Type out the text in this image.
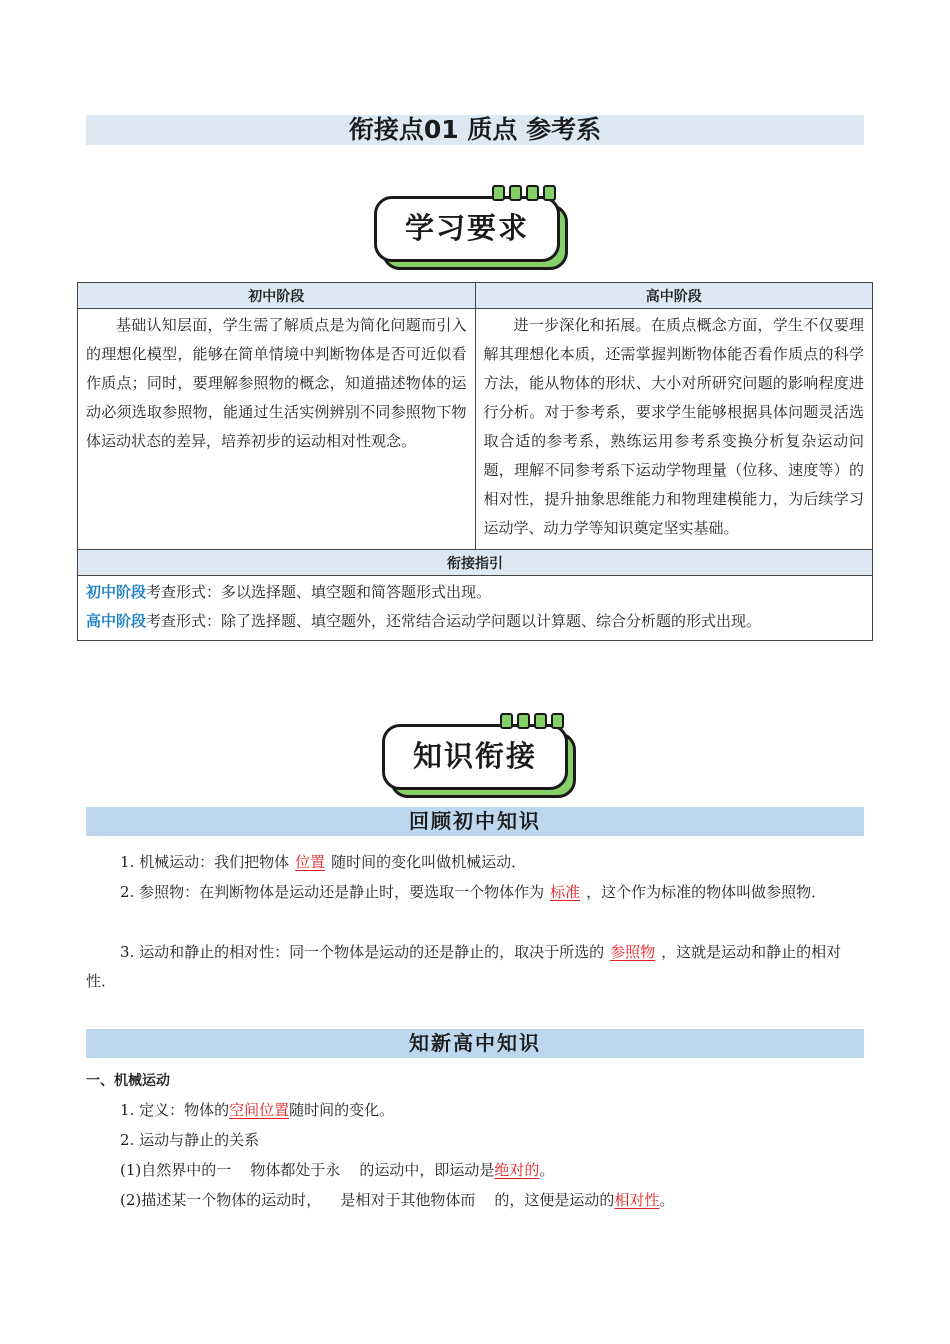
衔接点01 质点 参考系
学习要求
初中阶段	高中阶段
基础认知层面，学生需了解质点是为简化问题而引入的理想化模型，能够在简单情境中判断物体是否可近似看作质点；同时，要理解参照物的概念，知道描述物体的运动必须选取参照物，能通过生活实例辨别不同参照物下物体运动状态的差异，培养初步的运动相对性观念。	进一步深化和拓展。在质点概念方面，学生不仅要理解其理想化本质，还需掌握判断物体能否看作质点的科学方法，能从物体的形状、大小对所研究问题的影响程度进行分析。对于参考系，要求学生能够根据具体问题灵活选取合适的参考系，熟练运用参考系变换分析复杂运动问题，理解不同参考系下运动学物理量（位移、速度等）的相对性，提升抽象思维能力和物理建模能力，为后续学习运动学、动力学等知识奠定坚实基础。
衔接指引	

初中阶段考查形式：多以选择题、填空题和简答题形式出现。
高中阶段考查形式：除了选择题、填空题外，还常结合运动学问题以计算题、综合分析题的形式出现。	
知识衔接
回顾初中知识
1. 机械运动：我们把物体 位置 随时间的变化叫做机械运动．
2. 参照物：在判断物体是运动还是静止时，要选取一个物体作为 标准 ，这个作为标准的物体叫做参照物．
3. 运动和静止的相对性：同一个物体是运动的还是静止的，取决于所选的 参照物 ，这就是运动和静止的相对性．
知新高中知识
一、机械运动
1. 定义：物体的空间位置随时间的变化。
2. 运动与静止的关系
(1)自然界中的一    物体都处于永    的运动中，即运动是绝对的。
(2)描述某一个物体的运动时，    是相对于其他物体而    的，这便是运动的相对性。
